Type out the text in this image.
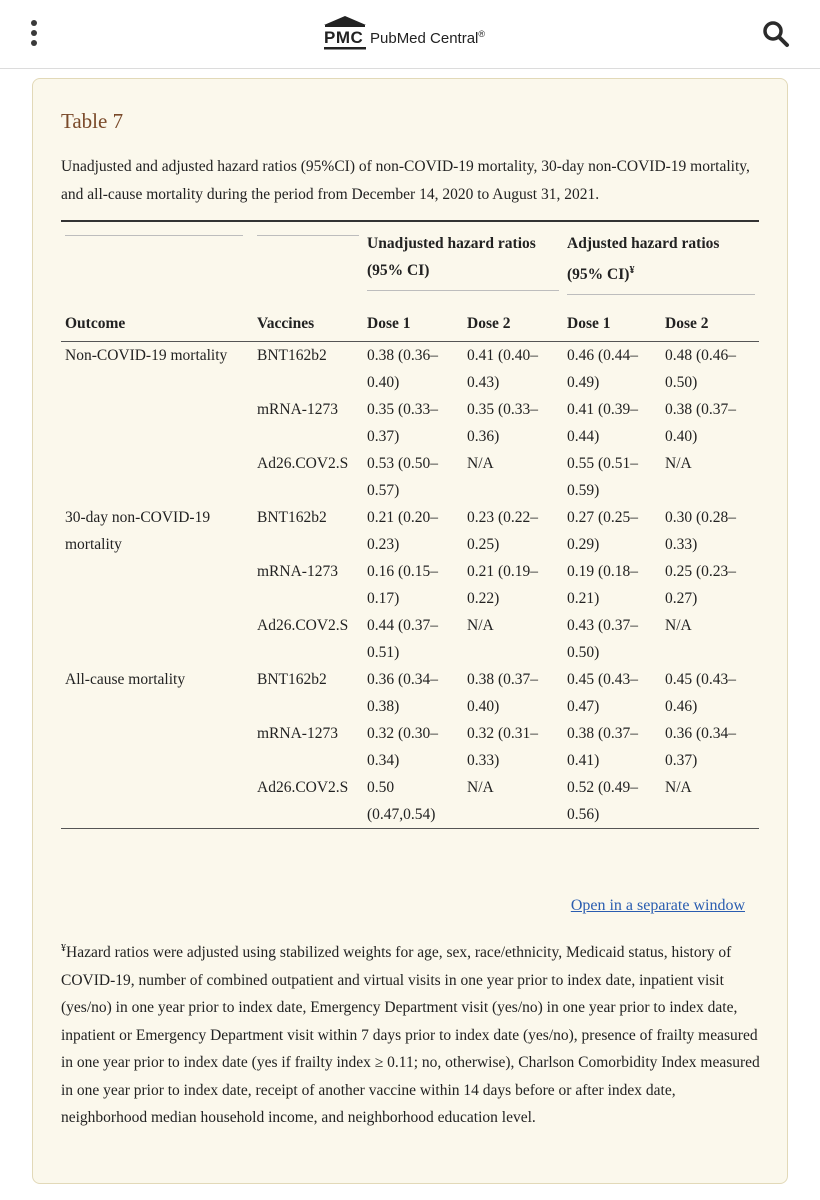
PMC PubMed Central®
Table 7
Unadjusted and adjusted hazard ratios (95%CI) of non-COVID-19 mortality, 30-day non-COVID-19 mortality, and all-cause mortality during the period from December 14, 2020 to August 31, 2021.

	Unadjusted hazard ratios (95% CI)		Adjusted hazard ratios (95% CI)¥

Outcome	Vaccines	Dose 1	Dose 2	Dose 1	Dose 2
Non-COVID-19 mortality	BNT162b2	0.38 (0.36–0.40)	0.41 (0.40–0.43)	0.46 (0.44–0.49)	0.48 (0.46–0.50)
	mRNA-1273	0.35 (0.33–0.37)	0.35 (0.33–0.36)	0.41 (0.39–0.44)	0.38 (0.37–0.40)
	Ad26.COV2.S	0.53 (0.50–0.57)	N/A	0.55 (0.51–0.59)	N/A
30-day non-COVID-19 mortality	BNT162b2	0.21 (0.20–0.23)	0.23 (0.22–0.25)	0.27 (0.25–0.29)	0.30 (0.28–0.33)
	mRNA-1273	0.16 (0.15–0.17)	0.21 (0.19–0.22)	0.19 (0.18–0.21)	0.25 (0.23–0.27)
	Ad26.COV2.S	0.44 (0.37–0.51)	N/A	0.43 (0.37–0.50)	N/A
All-cause mortality	BNT162b2	0.36 (0.34–0.38)	0.38 (0.37–0.40)	0.45 (0.43–0.47)	0.45 (0.43–0.46)
	mRNA-1273	0.32 (0.30–0.34)	0.32 (0.31–0.33)	0.38 (0.37–0.41)	0.36 (0.34–0.37)
	Ad26.COV2.S	0.50 (0.47,0.54)	N/A	0.52 (0.49–0.56)	N/A
Open in a separate window
¥Hazard ratios were adjusted using stabilized weights for age, sex, race/ethnicity, Medicaid status, history of COVID-19, number of combined outpatient and virtual visits in one year prior to index date, inpatient visit (yes/no) in one year prior to index date, Emergency Department visit (yes/no) in one year prior to index date, inpatient or Emergency Department visit within 7 days prior to index date (yes/no), presence of frailty measured in one year prior to index date (yes if frailty index ≥ 0.11; no, otherwise), Charlson Comorbidity Index measured in one year prior to index date, receipt of another vaccine within 14 days before or after index date, neighborhood median household income, and neighborhood education level.
